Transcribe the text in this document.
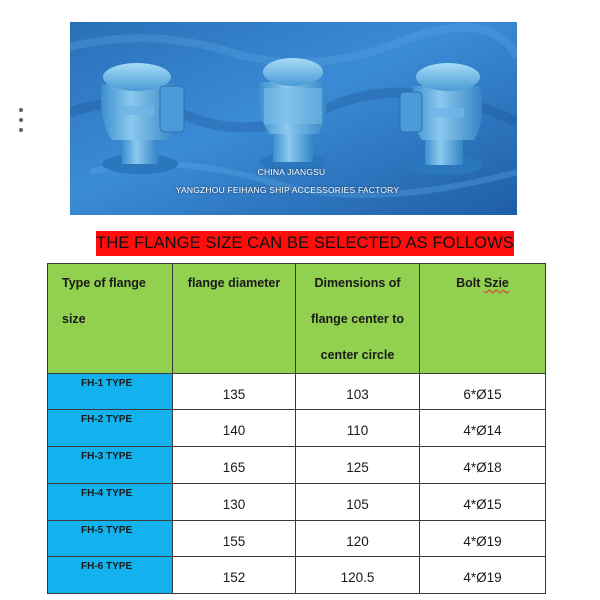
CHINA JIANGSU
YANGZHOU FEIHANG SHIP ACCESSORIES FACTORY
THE FLANGE SIZE CAN BE SELECTED AS FOLLOWS
Type of flange size	flange diameter	Dimensions of flange center to center circle	Bolt Szie
FH-1 TYPE	135	103	6*Ø15
FH-2 TYPE	140	110	4*Ø14
FH-3 TYPE	165	125	4*Ø18
FH-4 TYPE	130	105	4*Ø15
FH-5 TYPE	155	120	4*Ø19
FH-6 TYPE	152	120.5	4*Ø19
